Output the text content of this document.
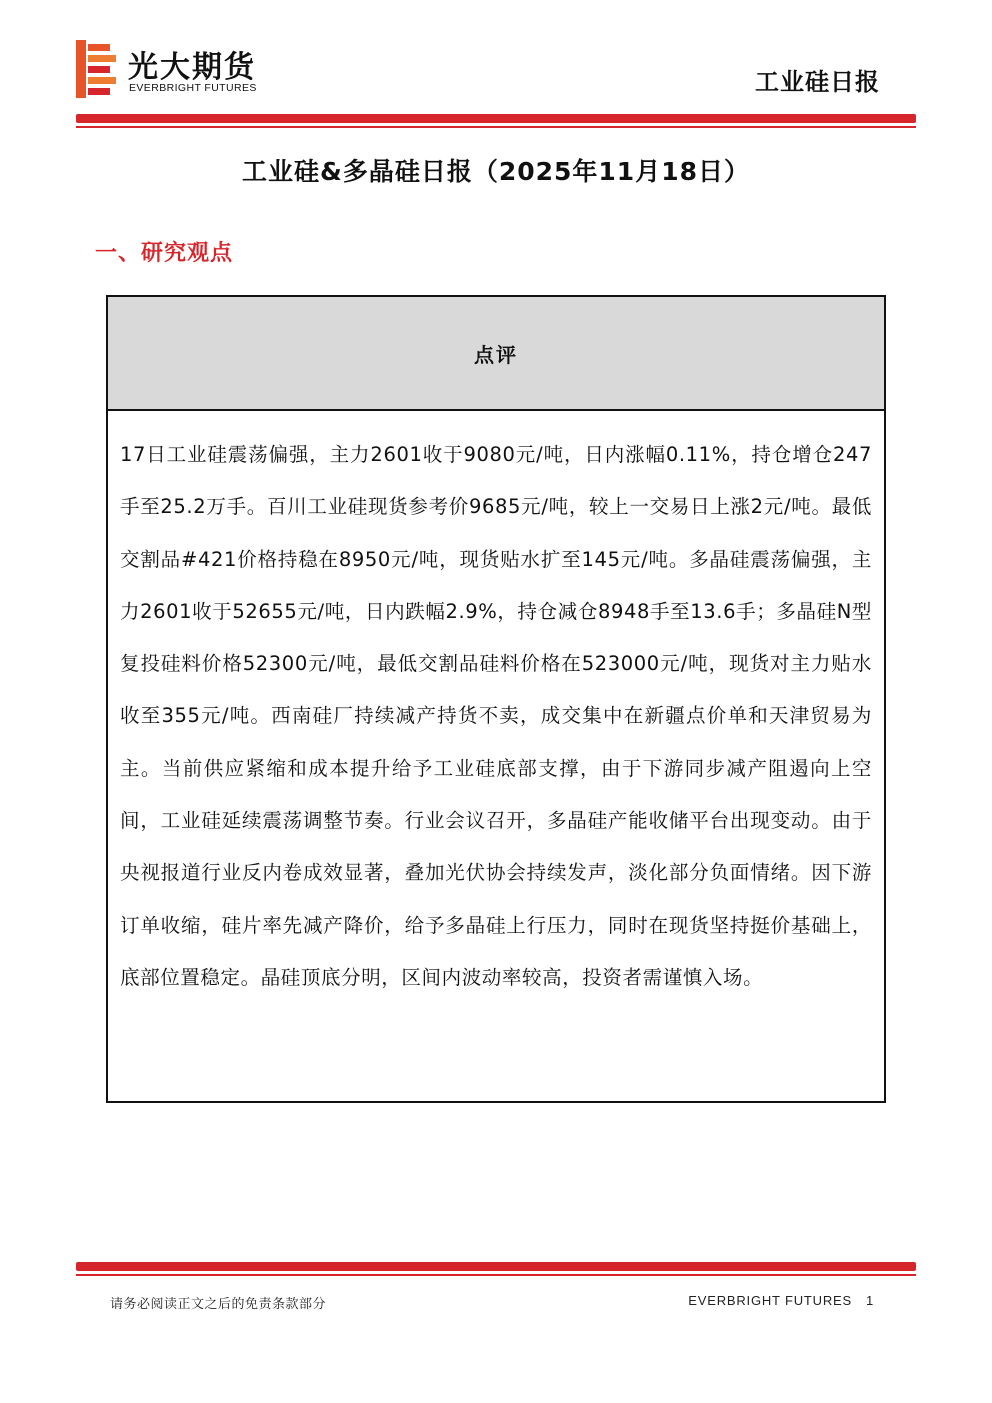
光大期货
EVERBRIGHT FUTURES	工业硅日报
工业硅&多晶硅日报（2025年11月18日）
一、研究观点
点评
17日工业硅震荡偏强，主力2601收于9080元/吨，日内涨幅0.11%，持仓增仓247手至25.2万手。百川工业硅现货参考价9685元/吨，较上一交易日上涨2元/吨。最低交割品#421价格持稳在8950元/吨，现货贴水扩至145元/吨。多晶硅震荡偏强，主力2601收于52655元/吨，日内跌幅2.9%，持仓减仓8948手至13.6手；多晶硅N型复投硅料价格52300元/吨，最低交割品硅料价格在523000元/吨，现货对主力贴水收至355元/吨。西南硅厂持续减产持货不卖，成交集中在新疆点价单和天津贸易为主。当前供应紧缩和成本提升给予工业硅底部支撑，由于下游同步减产阻遏向上空间，工业硅延续震荡调整节奏。行业会议召开，多晶硅产能收储平台出现变动。由于央视报道行业反内卷成效显著，叠加光伏协会持续发声，淡化部分负面情绪。因下游订单收缩，硅片率先减产降价，给予多晶硅上行压力，同时在现货坚持挺价基础上，底部位置稳定。晶硅顶底分明，区间内波动率较高，投资者需谨慎入场。
请务必阅读正文之后的免责条款部分	EVERBRIGHT FUTURES 1
